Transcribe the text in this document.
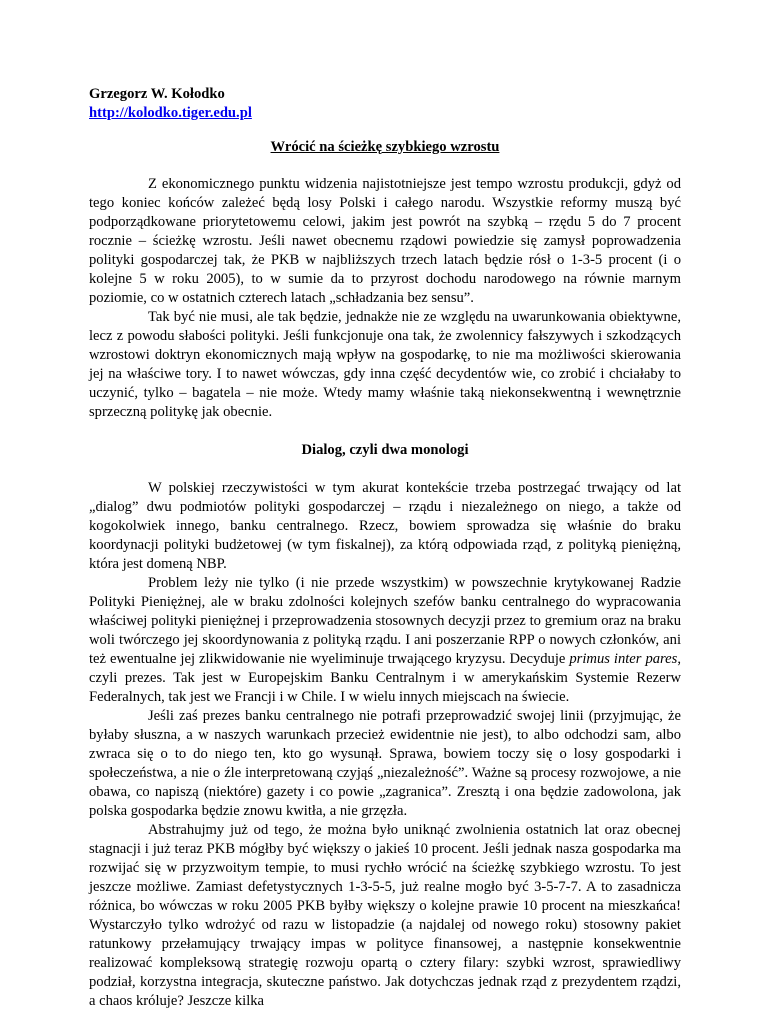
Grzegorz W. Kołodko
http://kolodko.tiger.edu.pl
Wrócić na ścieżkę szybkiego wzrostu

Z ekonomicznego punktu widzenia najistotniejsze jest tempo wzrostu produkcji, gdyż od tego koniec końców zależeć będą losy Polski i całego narodu. Wszystkie reformy muszą być podporządkowane priorytetowemu celowi, jakim jest powrót na szybką – rzędu 5 do 7 procent rocznie – ścieżkę wzrostu. Jeśli nawet obecnemu rządowi powiedzie się zamysł poprowadzenia polityki gospodarczej tak, że PKB w najbliższych trzech latach będzie rósł o 1-3-5 procent (i o kolejne 5 w roku 2005), to w sumie da to przyrost dochodu narodowego na równie marnym poziomie, co w ostatnich czterech latach „schładzania bez sensu”.

Tak być nie musi, ale tak będzie, jednakże nie ze względu na uwarunkowania obiektywne, lecz z powodu słabości polityki. Jeśli funkcjonuje ona tak, że zwolennicy fałszywych i szkodzących wzrostowi doktryn ekonomicznych mają wpływ na gospodarkę, to nie ma możliwości skierowania jej na właściwe tory. I to nawet wówczas, gdy inna część decydentów wie, co zrobić i chciałaby to uczynić, tylko – bagatela – nie może. Wtedy mamy właśnie taką niekonsekwentną i wewnętrznie sprzeczną politykę jak obecnie.

Dialog, czyli dwa monologi

W polskiej rzeczywistości w tym akurat kontekście trzeba postrzegać trwający od lat „dialog” dwu podmiotów polityki gospodarczej – rządu i niezależnego on niego, a także od kogokolwiek innego, banku centralnego. Rzecz, bowiem sprowadza się właśnie do braku koordynacji polityki budżetowej (w tym fiskalnej), za którą odpowiada rząd, z polityką pieniężną, która jest domeną NBP.

Problem leży nie tylko (i nie przede wszystkim) w powszechnie krytykowanej Radzie Polityki Pieniężnej, ale w braku zdolności kolejnych szefów banku centralnego do wypracowania właściwej polityki pieniężnej i przeprowadzenia stosownych decyzji przez to gremium oraz na braku woli twórczego jej skoordynowania z polityką rządu. I ani poszerzanie RPP o nowych członków, ani też ewentualne jej zlikwidowanie nie wyeliminuje trwającego kryzysu. Decyduje primus inter pares, czyli prezes. Tak jest w Europejskim Banku Centralnym i w amerykańskim Systemie Rezerw Federalnych, tak jest we Francji i w Chile. I w wielu innych miejscach na świecie.

Jeśli zaś prezes banku centralnego nie potrafi przeprowadzić swojej linii (przyjmując, że byłaby słuszna, a w naszych warunkach przecież ewidentnie nie jest), to albo odchodzi sam, albo zwraca się o to do niego ten, kto go wysunął. Sprawa, bowiem toczy się o losy gospodarki i społeczeństwa, a nie o źle interpretowaną czyjąś „niezależność”. Ważne są procesy rozwojowe, a nie obawa, co napiszą (niektóre) gazety i co powie „zagranica”. Zresztą i ona będzie zadowolona, jak polska gospodarka będzie znowu kwitła, a nie grzęzła.

Abstrahujmy już od tego, że można było uniknąć zwolnienia ostatnich lat oraz obecnej stagnacji i już teraz PKB mógłby być większy o jakieś 10 procent. Jeśli jednak nasza gospodarka ma rozwijać się w przyzwoitym tempie, to musi rychło wrócić na ścieżkę szybkiego wzrostu. To jest jeszcze możliwe. Zamiast defetystycznych 1-3-5-5, już realne mogło być 3-5-7-7. A to zasadnicza różnica, bo wówczas w roku 2005 PKB byłby większy o kolejne prawie 10 procent na mieszkańca! Wystarczyło tylko wdrożyć od razu w listopadzie (a najdalej od nowego roku) stosowny pakiet ratunkowy przełamujący trwający impas w polityce finansowej, a następnie konsekwentnie realizować kompleksową strategię rozwoju opartą o cztery filary: szybki wzrost, sprawiedliwy podział, korzystna integracja, skuteczne państwo. Jak dotychczas jednak rząd z prezydentem rządzi, a chaos króluje? Jeszcze kilka
